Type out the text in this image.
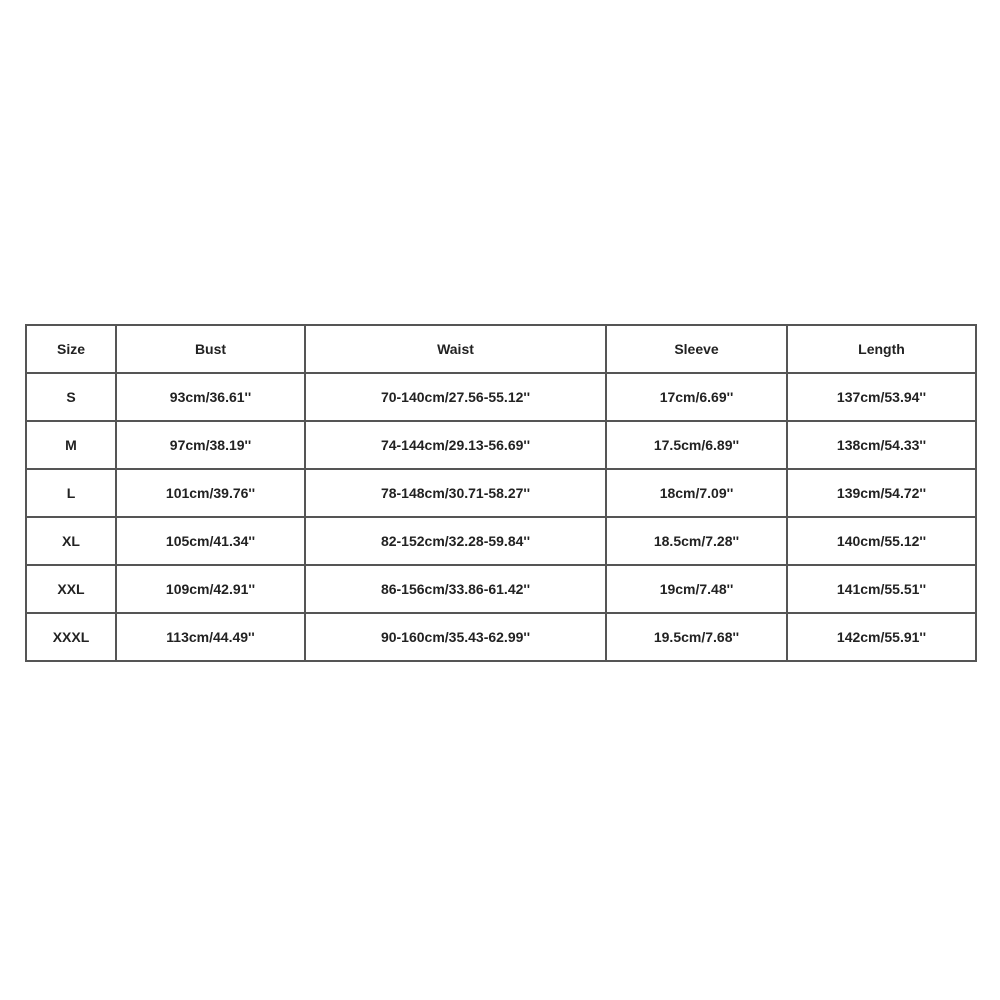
Size	Bust	Waist	Sleeve	Length
S	93cm/36.61''	70-140cm/27.56-55.12''	17cm/6.69''	137cm/53.94''
M	97cm/38.19''	74-144cm/29.13-56.69''	17.5cm/6.89''	138cm/54.33''
L	101cm/39.76''	78-148cm/30.71-58.27''	18cm/7.09''	139cm/54.72''
XL	105cm/41.34''	82-152cm/32.28-59.84''	18.5cm/7.28''	140cm/55.12''
XXL	109cm/42.91''	86-156cm/33.86-61.42''	19cm/7.48''	141cm/55.51''
XXXL	113cm/44.49''	90-160cm/35.43-62.99''	19.5cm/7.68''	142cm/55.91''
